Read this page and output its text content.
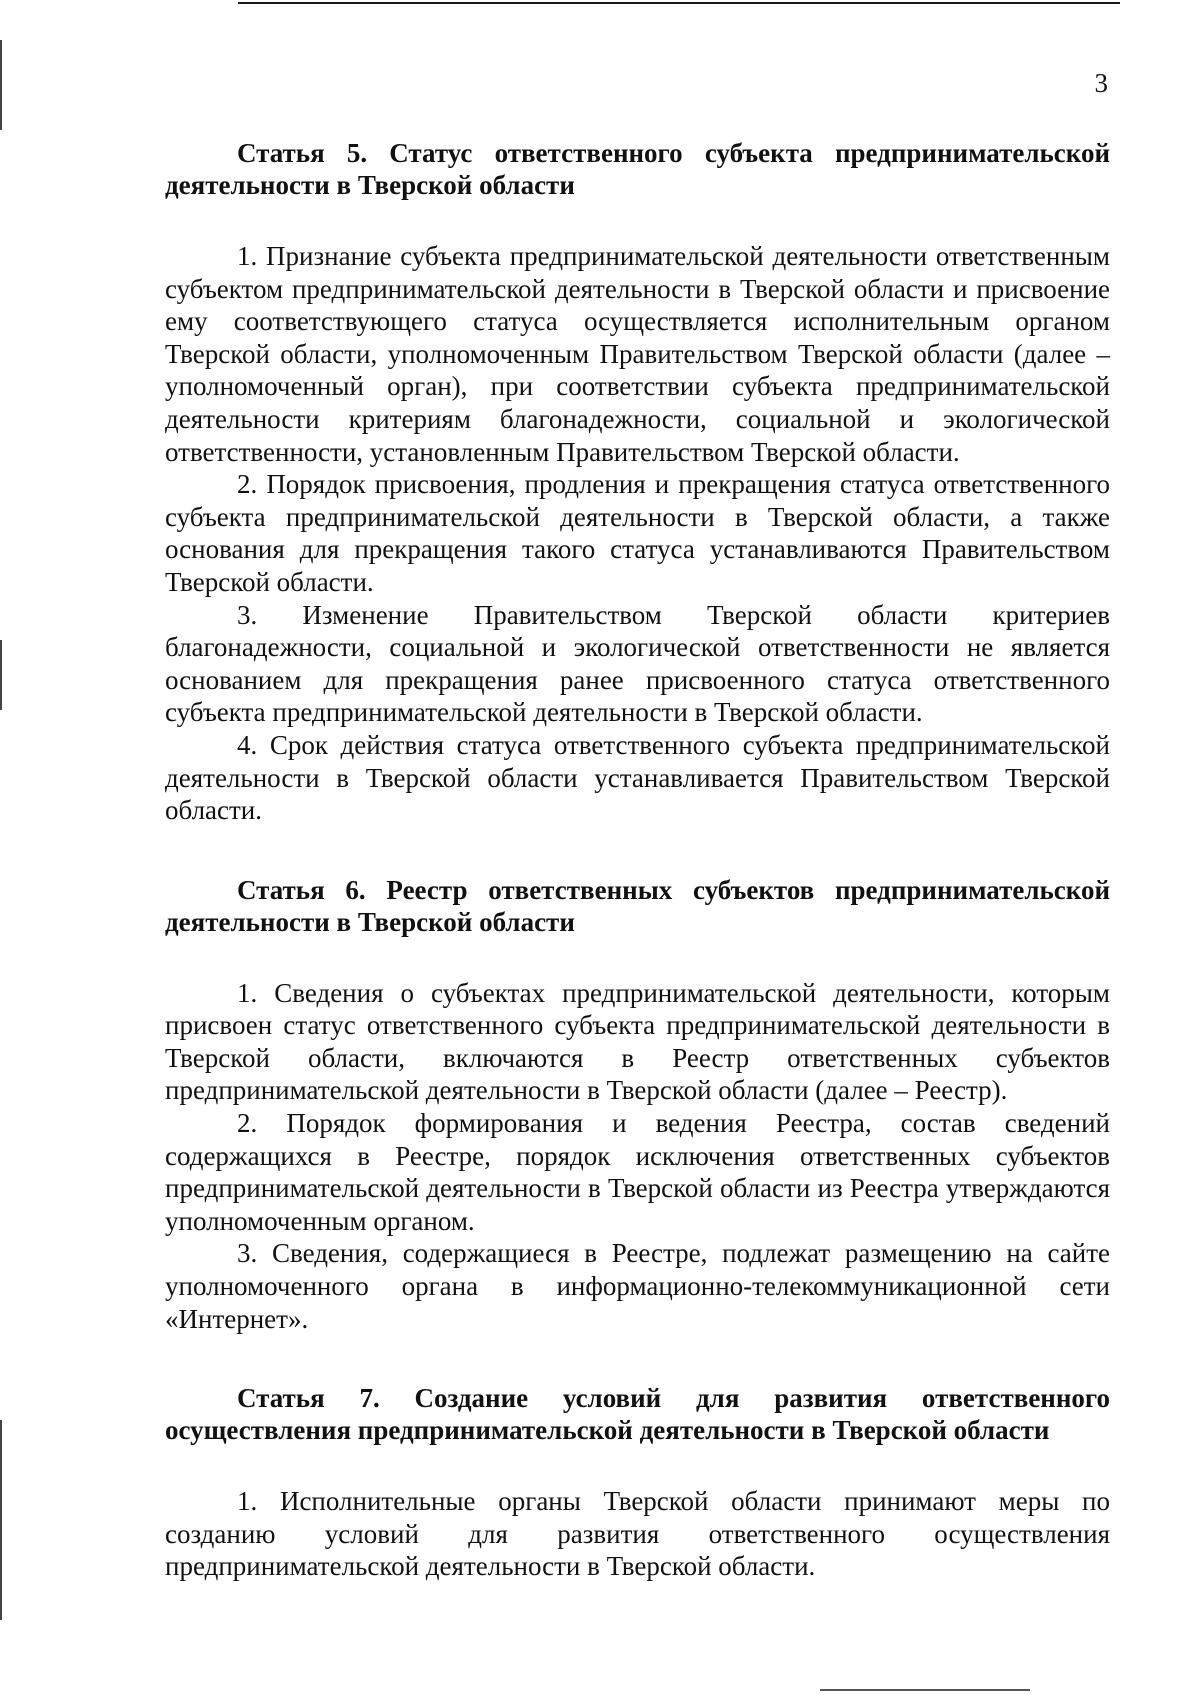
3
Статья 5. Статус ответственного субъекта предпринимательской деятельности в Тверской области

1. Признание субъекта предпринимательской деятельности ответственным субъектом предпринимательской деятельности в Тверской области и присвоение ему соответствующего статуса осуществляется исполнительным органом Тверской области, уполномоченным Правительством Тверской области (далее – уполномоченный орган), при соответствии субъекта предпринимательской деятельности критериям благонадежности, социальной и экологической ответственности, установленным Правительством Тверской области.

2. Порядок присвоения, продления и прекращения статуса ответственного субъекта предпринимательской деятельности в Тверской области, а также основания для прекращения такого статуса устанавливаются Правительством Тверской области.

3. Изменение Правительством Тверской области критериев благонадежности, социальной и экологической ответственности не является основанием для прекращения ранее присвоенного статуса ответственного субъекта предпринимательской деятельности в Тверской области.

4. Срок действия статуса ответственного субъекта предпринимательской деятельности в Тверской области устанавливается Правительством Тверской области.

Статья 6. Реестр ответственных субъектов предпринимательской деятельности в Тверской области

1. Сведения о субъектах предпринимательской деятельности, которым присвоен статус ответственного субъекта предпринимательской деятельности в Тверской области, включаются в Реестр ответственных субъектов предпринимательской деятельности в Тверской области (далее – Реестр).

2. Порядок формирования и ведения Реестра, состав сведений содержащихся в Реестре, порядок исключения ответственных субъектов предпринимательской деятельности в Тверской области из Реестра утверждаются уполномоченным органом.

3. Сведения, содержащиеся в Реестре, подлежат размещению на сайте уполномоченного органа в информационно-телекоммуникационной сети «Интернет».

Статья 7. Создание условий для развития ответственного осуществления предпринимательской деятельности в Тверской области

1. Исполнительные органы Тверской области принимают меры по созданию условий для развития ответственного осуществления предпринимательской деятельности в Тверской области.
